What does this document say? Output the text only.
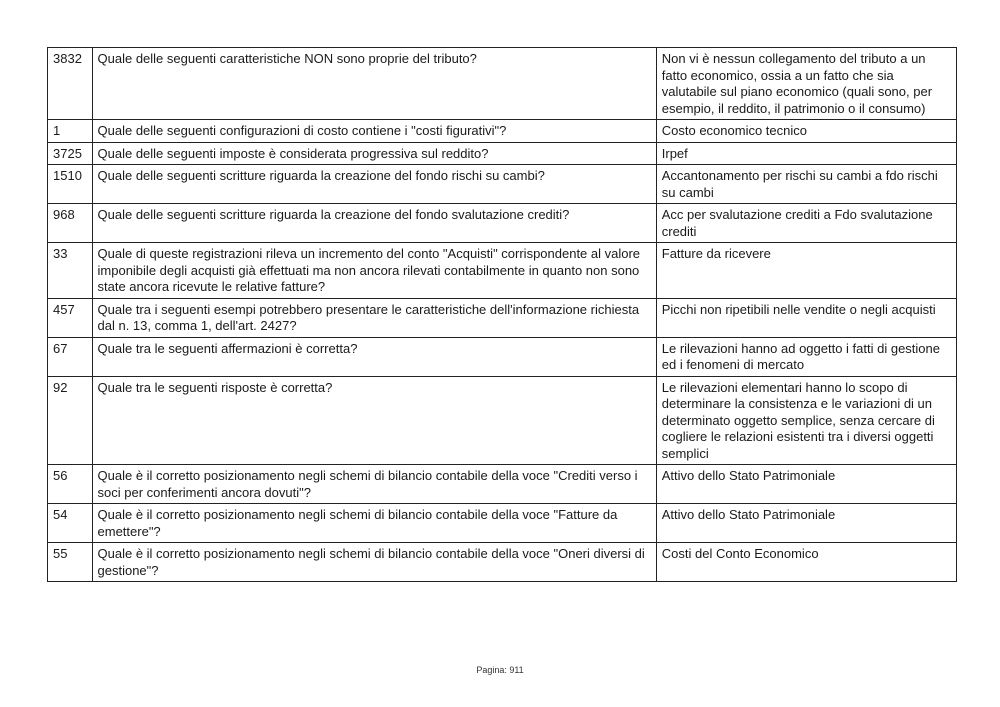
3832	Quale delle seguenti caratteristiche NON sono proprie del tributo?	Non vi è nessun collegamento del tributo a un fatto economico, ossia a un fatto che sia valutabile sul piano economico (quali sono, per esempio, il reddito, il patrimonio o il consumo)
1	Quale delle seguenti configurazioni di costo contiene i "costi figurativi"?	Costo economico tecnico
3725	Quale delle seguenti imposte è considerata progressiva sul reddito?	Irpef
1510	Quale delle seguenti scritture riguarda la creazione del fondo rischi su cambi?	Accantonamento per rischi su cambi a fdo rischi su cambi
968	Quale delle seguenti scritture riguarda la creazione del fondo svalutazione crediti?	Acc per svalutazione crediti a Fdo svalutazione crediti
33	Quale di queste registrazioni rileva un incremento del conto "Acquisti" corrispondente al valore imponibile degli acquisti già effettuati ma non ancora rilevati contabilmente in quanto non sono state ancora ricevute le relative fatture?	Fatture da ricevere
457	Quale tra i seguenti esempi potrebbero presentare le caratteristiche dell'informazione richiesta dal n. 13, comma 1, dell'art. 2427?	Picchi non ripetibili nelle vendite o negli acquisti
67	Quale tra le seguenti affermazioni è corretta?	Le rilevazioni hanno ad oggetto i fatti di gestione ed i fenomeni di mercato
92	Quale tra le seguenti risposte è corretta?	Le rilevazioni elementari hanno lo scopo di determinare la consistenza e le variazioni di un determinato oggetto semplice, senza cercare di cogliere le relazioni esistenti tra i diversi oggetti semplici
56	Quale è il corretto posizionamento negli schemi di bilancio contabile della voce "Crediti verso i soci per conferimenti ancora dovuti"?	Attivo dello Stato Patrimoniale
54	Quale è il corretto posizionamento negli schemi di bilancio contabile della voce "Fatture da emettere"?	Attivo dello Stato Patrimoniale
55	Quale è il corretto posizionamento negli schemi di bilancio contabile della voce "Oneri diversi di gestione"?	Costi del Conto Economico
Pagina: 911
